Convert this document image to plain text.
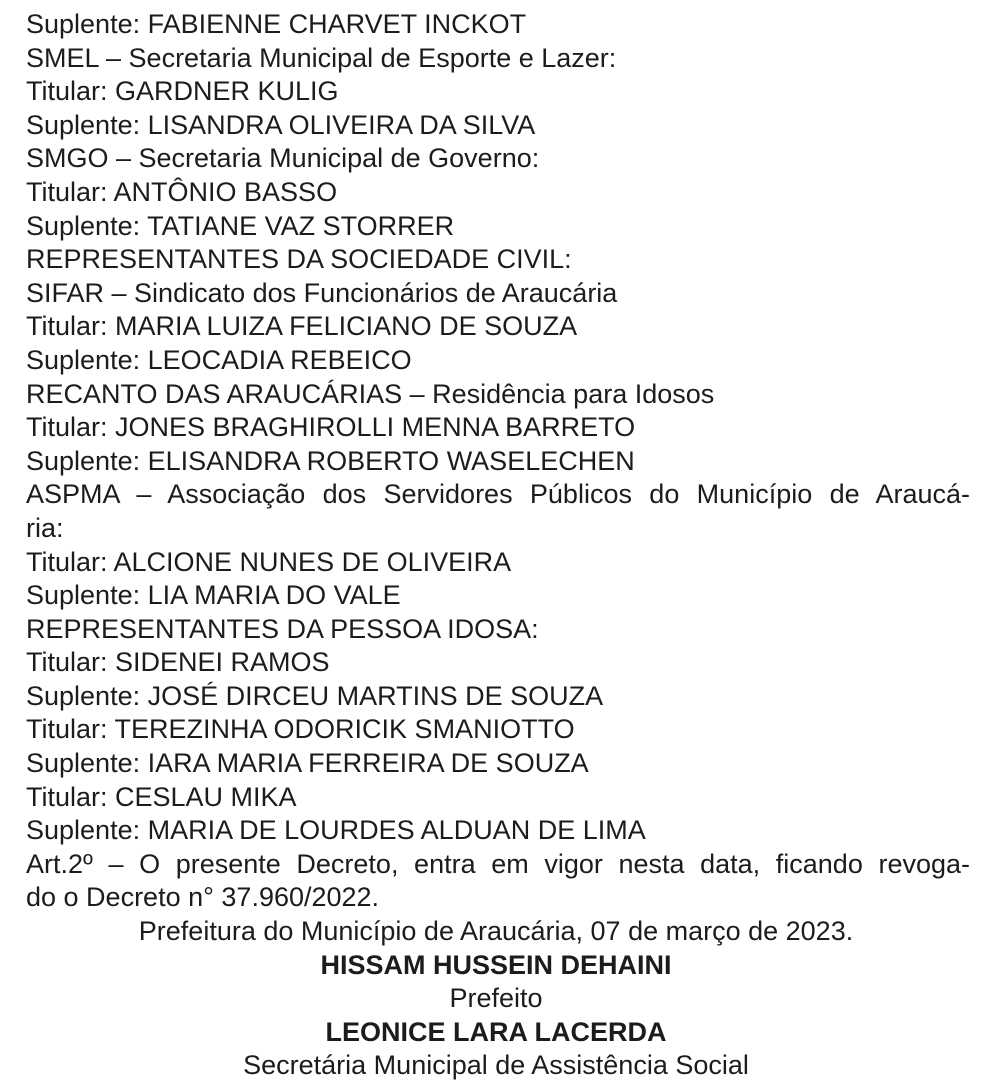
Suplente: FABIENNE CHARVET INCKOT
SMEL – Secretaria Municipal de Esporte e Lazer:
Titular: GARDNER KULIG
Suplente: LISANDRA OLIVEIRA DA SILVA
SMGO – Secretaria Municipal de Governo:
Titular: ANTÔNIO BASSO
Suplente: TATIANE VAZ STORRER
REPRESENTANTES DA SOCIEDADE CIVIL:
SIFAR – Sindicato dos Funcionários de Araucária
Titular: MARIA LUIZA FELICIANO DE SOUZA
Suplente: LEOCADIA REBEICO
RECANTO DAS ARAUCÁRIAS – Residência para Idosos
Titular: JONES BRAGHIROLLI MENNA BARRETO
Suplente: ELISANDRA ROBERTO WASELECHEN
ASPMA – Associação dos Servidores Públicos do Município de Araucá-
ria:
Titular: ALCIONE NUNES DE OLIVEIRA
Suplente: LIA MARIA DO VALE
REPRESENTANTES DA PESSOA IDOSA:
Titular: SIDENEI RAMOS
Suplente: JOSÉ DIRCEU MARTINS DE SOUZA
Titular: TEREZINHA ODORICIK SMANIOTTO
Suplente: IARA MARIA FERREIRA DE SOUZA
Titular: CESLAU MIKA
Suplente: MARIA DE LOURDES ALDUAN DE LIMA
Art.2º – O presente Decreto, entra em vigor nesta data, ficando revoga-
do o Decreto n° 37.960/2022.
Prefeitura do Município de Araucária, 07 de março de 2023.
HISSAM HUSSEIN DEHAINI
Prefeito
LEONICE LARA LACERDA
Secretária Municipal de Assistência Social
